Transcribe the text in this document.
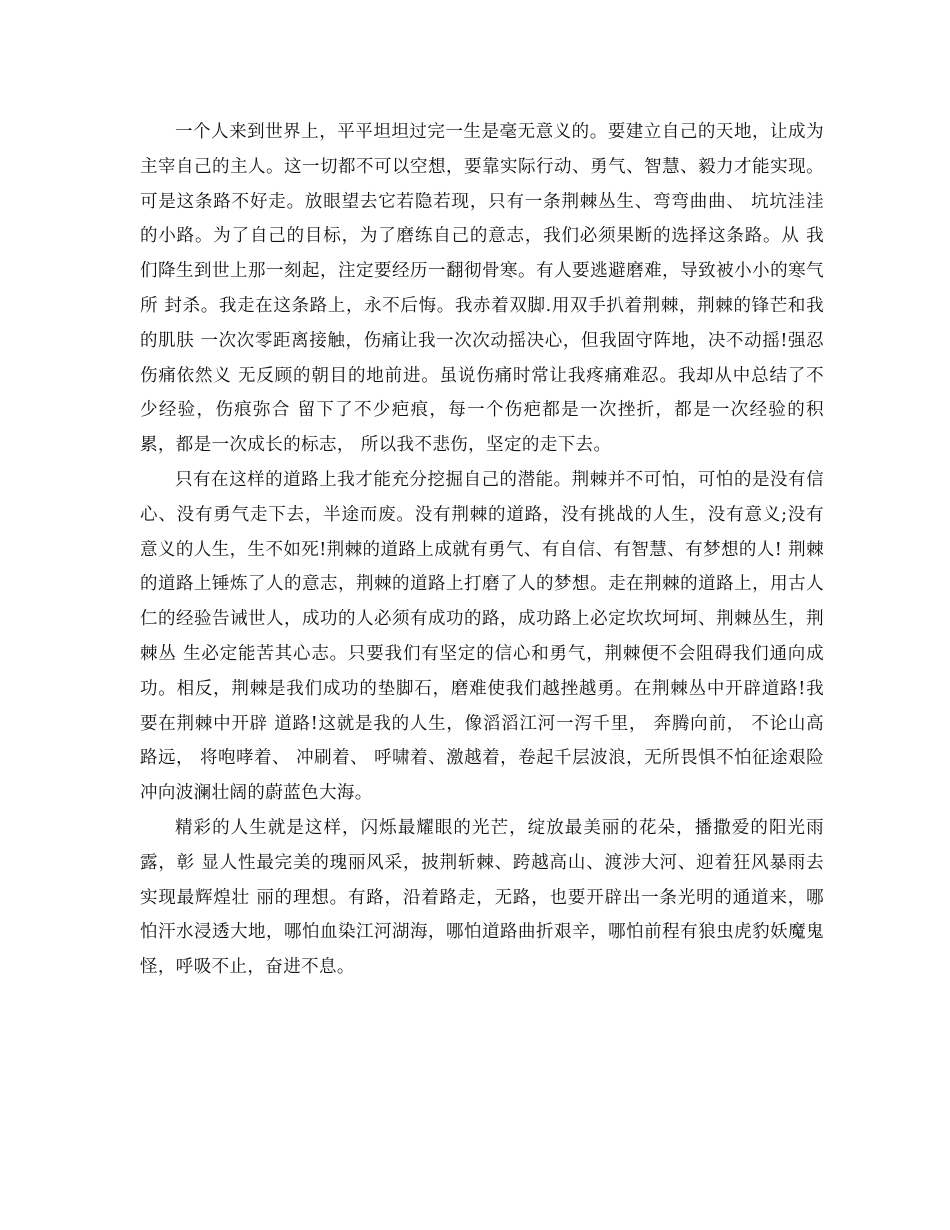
一个人来到世界上，平平坦坦过完一生是毫无意义的。要建立自己的天地，让成为主宰自己的主人。这一切都不可以空想，要靠实际行动、勇气、智慧、毅力才能实现。可是这条路不好走。放眼望去它若隐若现，只有一条荆棘丛生、弯弯曲曲、 坑坑洼洼的小路。为了自己的目标，为了磨练自己的意志，我们必须果断的选择这条路。从 我们降生到世上那一刻起，注定要经历一翻彻骨寒。有人要逃避磨难，导致被小小的寒气所 封杀。我走在这条路上，永不后悔。我赤着双脚.用双手扒着荆棘，荆棘的锋芒和我的肌肤 一次次零距离接触，伤痛让我一次次动摇决心，但我固守阵地，决不动摇!强忍伤痛依然义 无反顾的朝目的地前进。虽说伤痛时常让我疼痛难忍。我却从中总结了不少经验，伤痕弥合 留下了不少疤痕，每一个伤疤都是一次挫折，都是一次经验的积累，都是一次成长的标志， 所以我不悲伤，坚定的走下去。

只有在这样的道路上我才能充分挖掘自己的潜能。荆棘并不可怕，可怕的是没有信心、没有勇气走下去，半途而废。没有荆棘的道路，没有挑战的人生，没有意义;没有意义的人生，生不如死!荆棘的道路上成就有勇气、有自信、有智慧、有梦想的人! 荆棘的道路上锤炼了人的意志，荆棘的道路上打磨了人的梦想。走在荆棘的道路上，用古人 仁的经验告诫世人，成功的人必须有成功的路，成功路上必定坎坎坷坷、荆棘丛生，荆棘丛 生必定能苦其心志。只要我们有坚定的信心和勇气，荆棘便不会阻碍我们通向成功。相反，荆棘是我们成功的垫脚石，磨难使我们越挫越勇。在荆棘丛中开辟道路!我要在荆棘中开辟 道路!这就是我的人生，像滔滔江河一泻千里， 奔腾向前， 不论山高路远， 将咆哮着、 冲刷着、 呼啸着、激越着，卷起千层波浪，无所畏惧不怕征途艰险冲向波澜壮阔的蔚蓝色大海。

精彩的人生就是这样，闪烁最耀眼的光芒，绽放最美丽的花朵，播撒爱的阳光雨露，彰 显人性最完美的瑰丽风采，披荆斩棘、跨越高山、渡涉大河、迎着狂风暴雨去实现最辉煌壮 丽的理想。有路，沿着路走，无路，也要开辟出一条光明的通道来，哪怕汗水浸透大地，哪怕血染江河湖海，哪怕道路曲折艰辛，哪怕前程有狼虫虎豹妖魔鬼怪，呼吸不止，奋进不息。
